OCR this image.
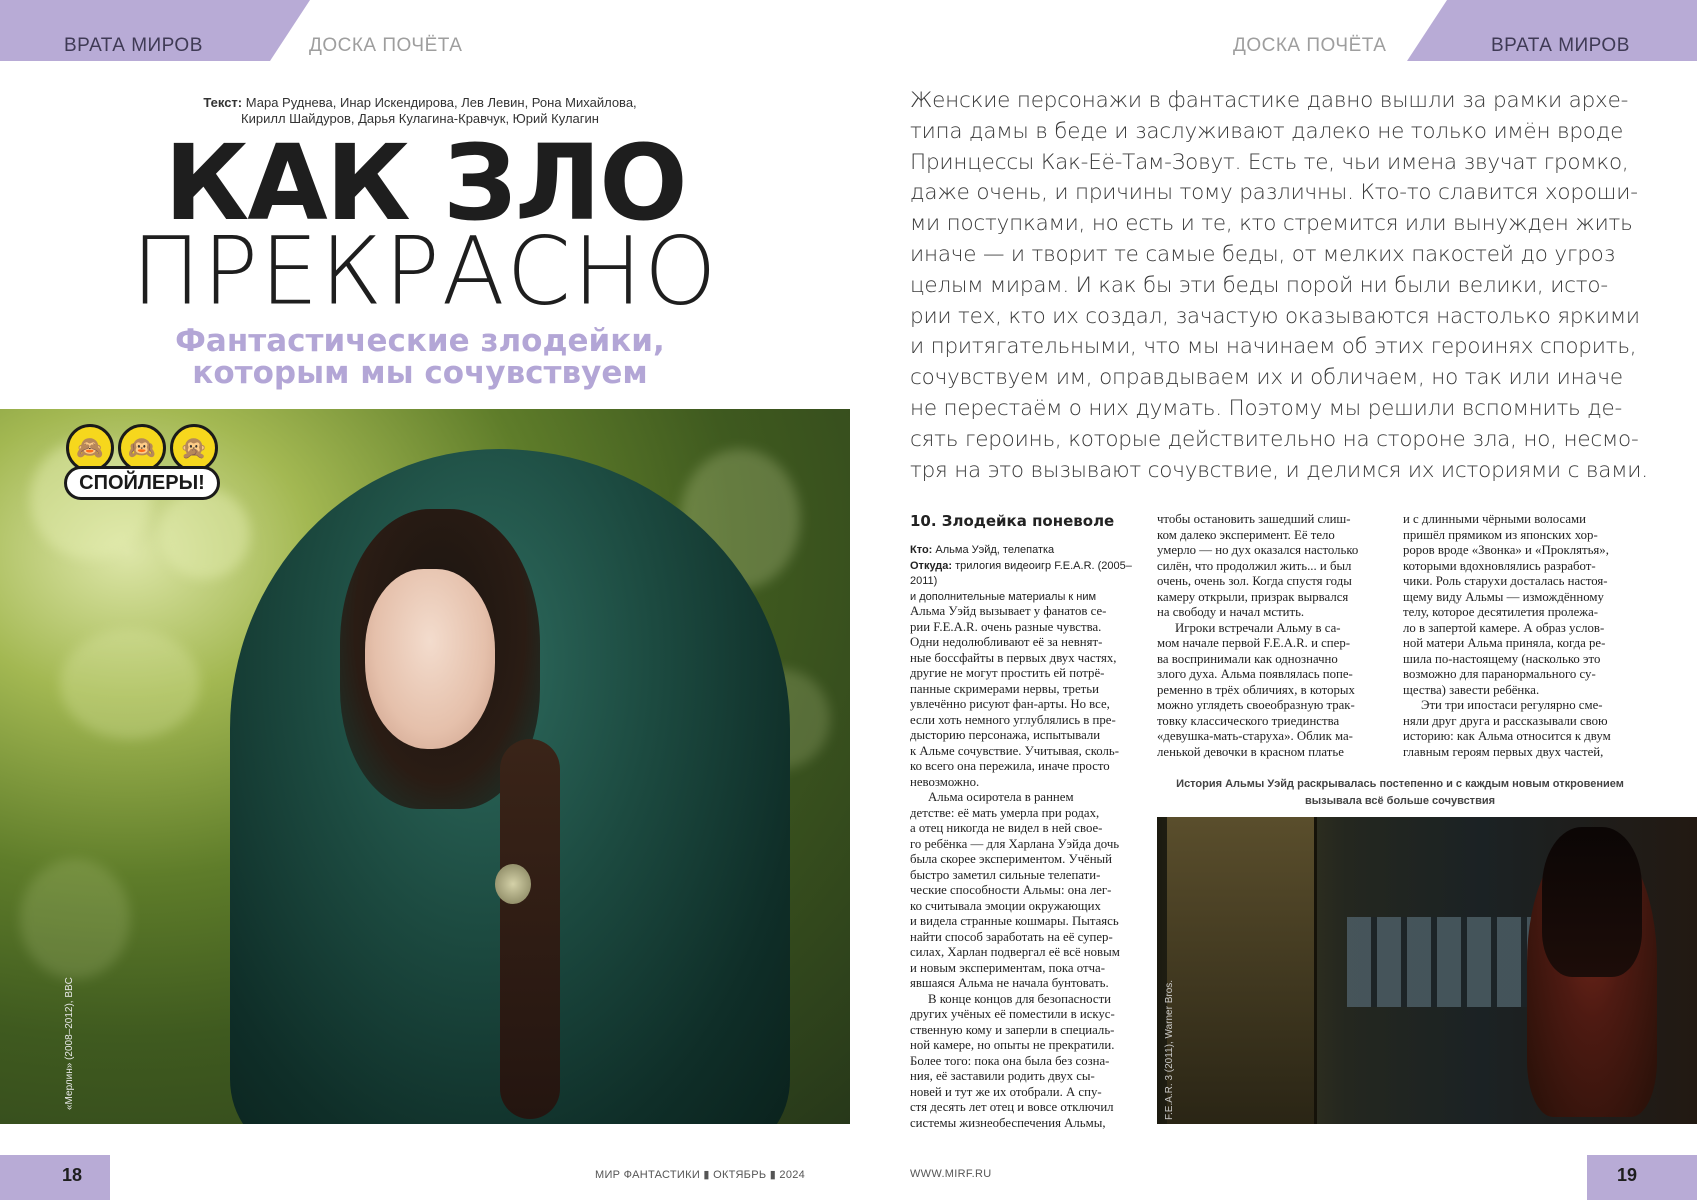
ВРАТА МИРОВ	ДОСКА ПОЧЁТА	ДОСКА ПОЧЁТА	ВРАТА МИРОВ
Текст: Мара Руднева, Инар Искендирова, Лев Левин, Рона Михайлова,
Кирилл Шайдуров, Дарья Кулагина-Кравчук, Юрий Кулагин
КАК ЗЛО
ПРЕКРАСНО
Фантастические злодейки,
которым мы сочувствуем
«Мерлин» (2008–2012), BBC
🙈	🙉	🙊
СПОЙЛЕРЫ!

Женские персонажи в фантастике давно вышли за рамки архе-

типа дамы в беде и заслуживают далеко не только имён вроде

Принцессы Как-Её-Там-Зовут. Есть те, чьи имена звучат громко,

даже очень, и причины тому различны. Кто-то славится хороши-

ми поступками, но есть и те, кто стремится или вынужден жить

иначе — и творит те самые беды, от мелких пакостей до угроз

целым мирам. И как бы эти беды порой ни были велики, исто-

рии тех, кто их создал, зачастую оказываются настолько яркими

и притягательными, что мы начинаем об этих героинях спорить,

сочувствуем им, оправдываем их и обличаем, но так или иначе

не перестаём о них думать. Поэтому мы решили вспомнить де-

сять героинь, которые действительно на стороне зла, но, несмо-

тря на это вызывают сочувствие, и делимся их историями с вами.

10. Злодейка поневоле
Кто: Альма Уэйд, телепатка
Откуда: трилогия видеоигр F.E.A.R. (2005–2011)
и дополнительные материалы к ним

Альма Уэйд вызывает у фанатов се-

рии F.E.A.R. очень разные чувства.

Одни недолюбливают её за невнят-

ные боссфайты в первых двух частях,

другие не могут простить ей потрё-

панные скримерами нервы, третьи

увлечённо рисуют фан-арты. Но все,

если хоть немного углублялись в пре-

дысторию персонажа, испытывали

к Альме сочувствие. Учитывая, сколь-

ко всего она пережила, иначе просто

невозможно.

Альма осиротела в раннем

детстве: её мать умерла при родах,

а отец никогда не видел в ней свое-

го ребёнка — для Харлана Уэйда дочь

была скорее экспериментом. Учёный

быстро заметил сильные телепати-

ческие способности Альмы: она лег-

ко считывала эмоции окружающих

и видела странные кошмары. Пытаясь

найти способ заработать на её супер-

силах, Харлан подвергал её всё новым

и новым экспериментам, пока отча-

явшаяся Альма не начала бунтовать.

В конце концов для безопасности

других учёных её поместили в искус-

ственную кому и заперли в специаль-

ной камере, но опыты не прекратили.

Более того: пока она была без созна-

ния, её заставили родить двух сы-

новей и тут же их отобрали. А спу-

стя десять лет отец и вовсе отключил

системы жизнеобеспечения Альмы,

чтобы остановить зашедший слиш-

ком далеко эксперимент. Её тело

умерло — но дух оказался настолько

силён, что продолжил жить... и был

очень, очень зол. Когда спустя годы

камеру открыли, призрак вырвался

на свободу и начал мстить.

Игроки встречали Альму в са-

мом начале первой F.E.A.R. и спер-

ва воспринимали как однозначно

злого духа. Альма появлялась попе-

ременно в трёх обличиях, в которых

можно углядеть своеобразную трак-

товку классического триединства

«девушка-мать-старуха». Облик ма-

ленькой девочки в красном платье

и с длинными чёрными волосами

пришёл прямиком из японских хор-

роров вроде «Звонка» и «Проклятья»,

которыми вдохновлялись разработ-

чики. Роль старухи досталась настоя-

щему виду Альмы — измождённому

телу, которое десятилетия пролежа-

ло в запертой камере. А образ услов-

ной матери Альма приняла, когда ре-

шила по-настоящему (насколько это

возможно для паранормального су-

щества) завести ребёнка.

Эти три ипостаси регулярно сме-

няли друг друга и рассказывали свою

историю: как Альма относится к двум

главным героям первых двух частей,

История Альмы Уэйд раскрывалась постепенно и с каждым новым откровением
вызывала всё больше сочувствия
F.E.A.R. 3 (2011), Warner Bros.
18	19
МИР ФАНТАСТИКИ ▮ ОКТЯБРЬ ▮ 2024	WWW.MIRF.RU
